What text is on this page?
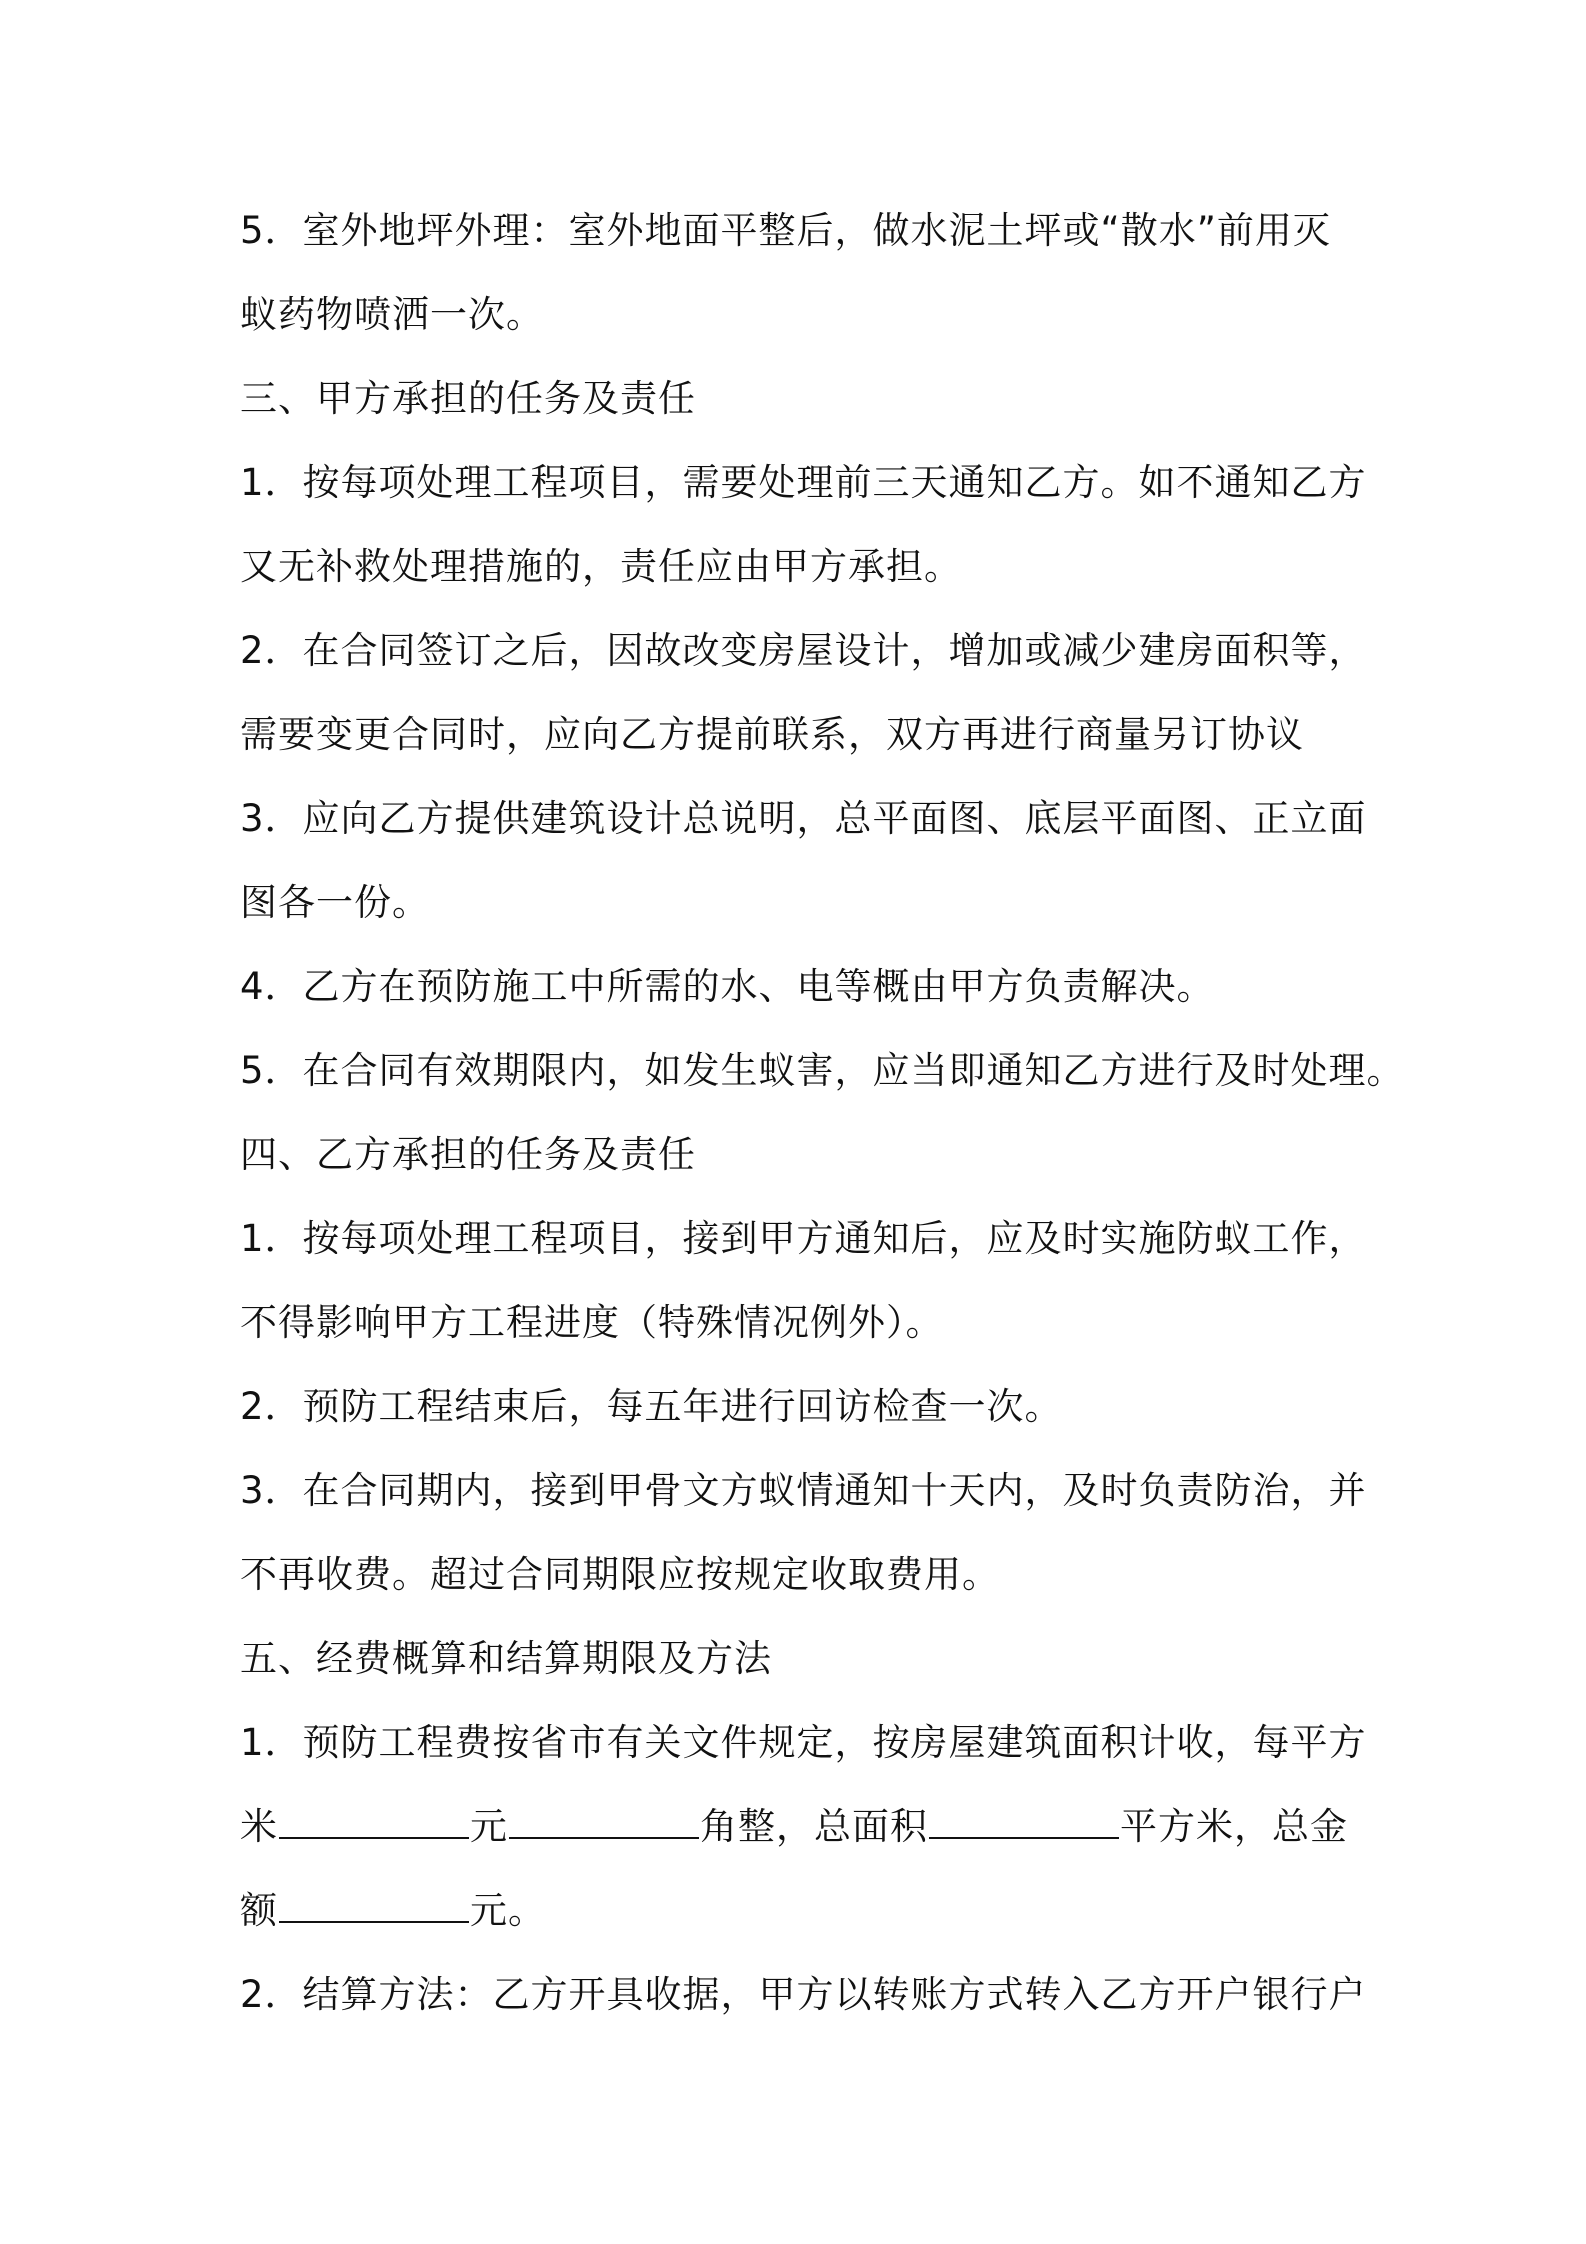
5．室外地坪外理：室外地面平整后，做水泥土坪或“散水”前用灭
蚁药物喷洒一次。
三、甲方承担的任务及责任
1．按每项处理工程项目，需要处理前三天通知乙方。如不通知乙方
又无补救处理措施的，责任应由甲方承担。
2．在合同签订之后，因故改变房屋设计，增加或减少建房面积等，
需要变更合同时，应向乙方提前联系，双方再进行商量另订协议
3．应向乙方提供建筑设计总说明，总平面图、底层平面图、正立面
图各一份。
4．乙方在预防施工中所需的水、电等概由甲方负责解决。
5．在合同有效期限内，如发生蚁害，应当即通知乙方进行及时处理。
四、乙方承担的任务及责任
1．按每项处理工程项目，接到甲方通知后，应及时实施防蚁工作，
不得影响甲方工程进度（特殊情况例外）。
2．预防工程结束后，每五年进行回访检查一次。
3．在合同期内，接到甲骨文方蚁情通知十天内，及时负责防治，并
不再收费。超过合同期限应按规定收取费用。
五、经费概算和结算期限及方法
1．预防工程费按省市有关文件规定，按房屋建筑面积计收，每平方
米	元	角整，总面积	平方米，总金
额	元。
2．结算方法：乙方开具收据，甲方以转账方式转入乙方开户银行户
